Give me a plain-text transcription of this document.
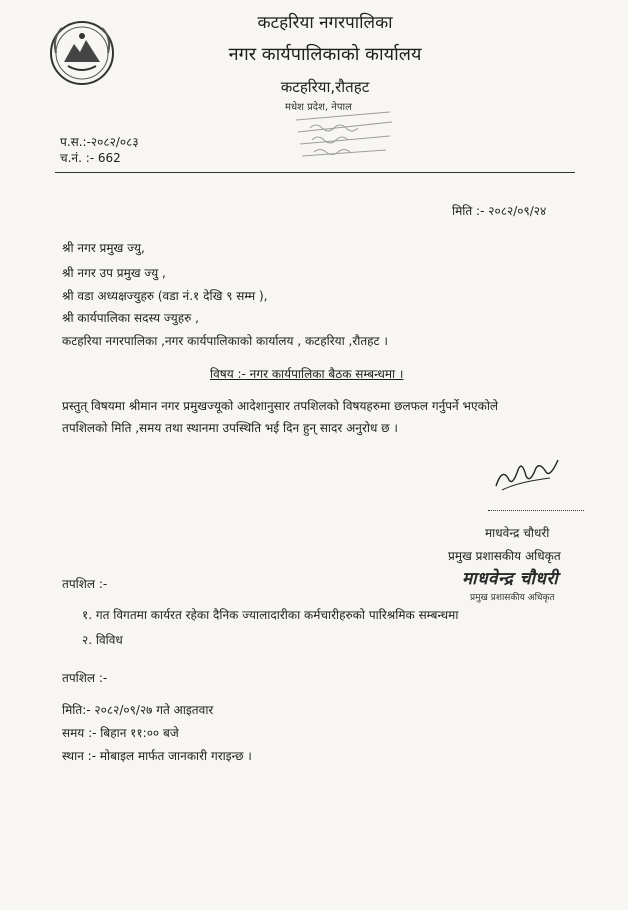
कटहरिया नगरपालिका
नगर कार्यपालिकाको कार्यालय
कटहरिया,रौतहट
मधेश प्रदेश, नेपाल
प.स.:-२०८२/०८३
च.नं. :- 662
मिति :- २०८२/०९/२४
श्री नगर प्रमुख ज्यु,
श्री नगर उप प्रमुख ज्यु ,
श्री वडा अध्यक्षज्युहरु (वडा नं.१ देखि ९ सम्म ),
श्री कार्यपालिका सदस्य ज्युहरु ,
कटहरिया नगरपालिका ,नगर कार्यपालिकाको कार्यालय , कटहरिया ,रौतहट ।
विषय :- नगर कार्यपालिका बैठक सम्बन्धमा ।
प्रस्तुत् विषयमा श्रीमान नगर प्रमुखज्यूको आदेशानुसार तपशिलको विषयहरुमा छलफल गर्नुपर्ने भएकोले
तपशिलको मिति ,समय तथा स्थानमा उपस्थिति भई दिन हुन् सादर अनुरोध छ ।
माधवेन्द्र चौधरी
प्रमुख प्रशासकीय अधिकृत
माधवेन्द्र चौधरी
प्रमुख प्रशासकीय अधिकृत
तपशिल :-
१. गत विगतमा कार्यरत रहेका दैनिक ज्यालादारीका कर्मचारीहरुको पारिश्रमिक सम्बन्धमा
२. विविध
तपशिल :-
मिति:- २०८२/०९/२७ गते आइतवार
समय :- बिहान ११:०० बजे
स्थान :- मोबाइल मार्फत जानकारी गराइन्छ ।
